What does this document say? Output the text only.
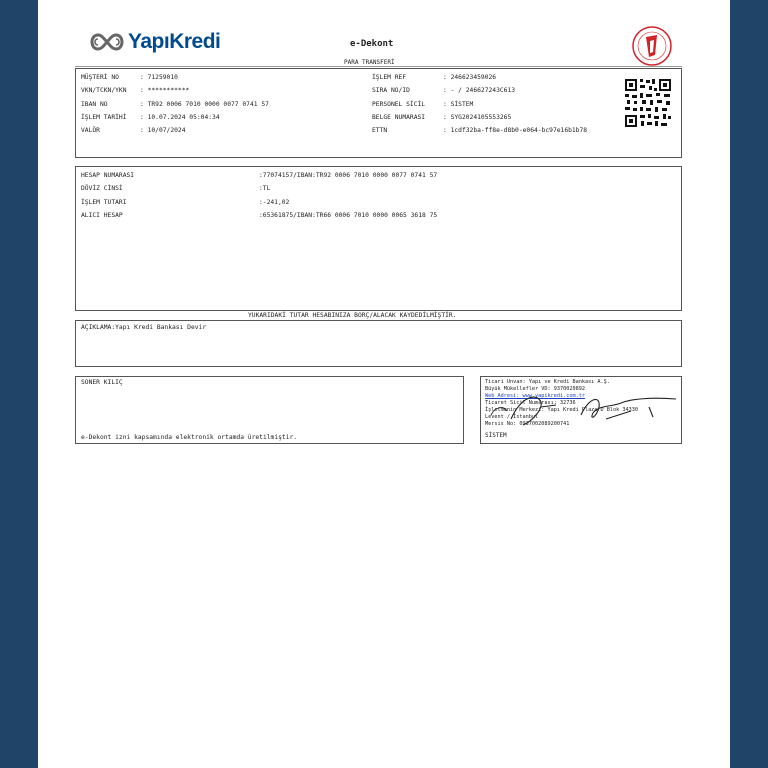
YapıKredi	e-Dekont
PARA TRANSFERİ
MÜŞTERİ NO	: 71259010
VKN/TCKN/YKN : ***********
IBAN NO	: TR92 0006 7010 0000 0077 0741 57
İŞLEM TARİHİ : 10.07.2024 05:04:34
VALÖR	: 10/07/2024
İŞLEM REF	: 246623459026
SIRA NO/ID	: - / 246627243C613
PERSONEL SİCİL	: SİSTEM
BELGE NUMARASI	: SYG2024105553265
ETTN	: 1cdf32ba-ff8e-d8b0-e064-bc97e16b1b78
HESAP NUMARASI	:77074157/IBAN:TR92 0006 7010 0000 0077 0741 57
DÖVİZ CİNSİ	:TL
İŞLEM TUTARI	:-241,02
ALICI HESAP	:65361875/IBAN:TR66 0006 7010 0000 0065 3618 75
YUKARIDAKİ TUTAR HESABINIZA BORÇ/ALACAK KAYDEDİLMİŞTİR.
AÇIKLAMA:Yapı Kredi Bankası Devir
SONER KILIÇ
e-Dekont izni kapsamında elektronik ortamda üretilmiştir.
Ticari Unvan: Yapı ve Kredi Bankası A.Ş.
Büyük Mükellefler VD: 9370020892
Web Adresi: www.yapikredi.com.tr
Ticaret Sicil Numarası: 32736
İşletmenin Merkezi: Yapı Kredi Plaza D Blok 34330
Levent / İstanbul
Mersis No: 0937002089200741
SİSTEM
